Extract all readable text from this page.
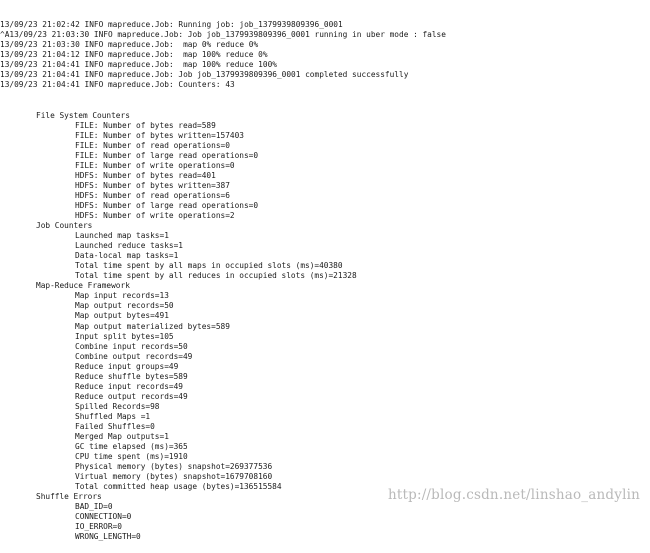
13/09/23 21:02:42 INFO mapreduce.Job: Running job: job_1379939809396_0001
^A13/09/23 21:03:30 INFO mapreduce.Job: Job job_1379939809396_0001 running in uber mode : false
13/09/23 21:03:30 INFO mapreduce.Job:  map 0% reduce 0%
13/09/23 21:04:12 INFO mapreduce.Job:  map 100% reduce 0%
13/09/23 21:04:41 INFO mapreduce.Job:  map 100% reduce 100%
13/09/23 21:04:41 INFO mapreduce.Job: Job job_1379939809396_0001 completed successfully
13/09/23 21:04:41 INFO mapreduce.Job: Counters: 43

File System Counters
FILE: Number of bytes read=589
FILE: Number of bytes written=157403
FILE: Number of read operations=0
FILE: Number of large read operations=0
FILE: Number of write operations=0
HDFS: Number of bytes read=401
HDFS: Number of bytes written=387
HDFS: Number of read operations=6
HDFS: Number of large read operations=0
HDFS: Number of write operations=2
Job Counters
Launched map tasks=1
Launched reduce tasks=1
Data-local map tasks=1
Total time spent by all maps in occupied slots (ms)=40380
Total time spent by all reduces in occupied slots (ms)=21328
Map-Reduce Framework
Map input records=13
Map output records=50
Map output bytes=491
Map output materialized bytes=589
Input split bytes=105
Combine input records=50
Combine output records=49
Reduce input groups=49
Reduce shuffle bytes=589
Reduce input records=49
Reduce output records=49
Spilled Records=98
Shuffled Maps =1
Failed Shuffles=0
Merged Map outputs=1
GC time elapsed (ms)=365
CPU time spent (ms)=1910
Physical memory (bytes) snapshot=269377536
Virtual memory (bytes) snapshot=1679708160
Total committed heap usage (bytes)=136515584
Shuffle Errors
BAD_ID=0
CONNECTION=0
IO_ERROR=0
WRONG_LENGTH=0

http://blog.csdn.net/linshao_andylin
